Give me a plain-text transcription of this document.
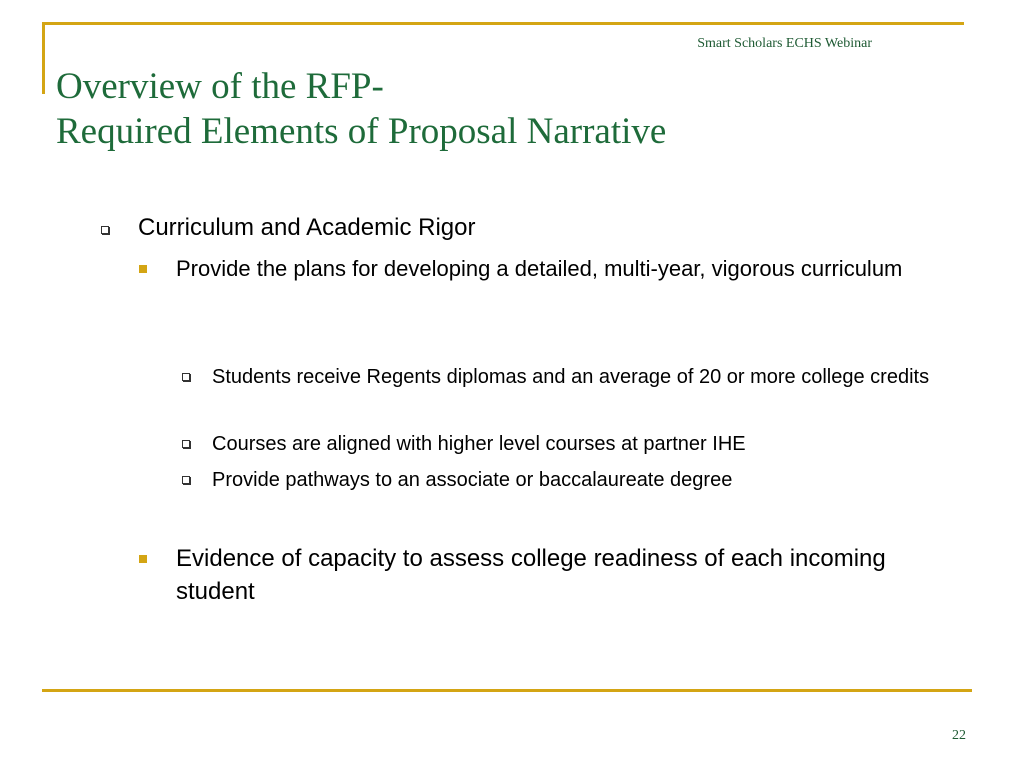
Smart Scholars ECHS Webinar
Overview of the RFP-
Required Elements of Proposal Narrative
Curriculum and Academic Rigor
Provide the plans for developing a detailed, multi-year, vigorous curriculum
Students receive Regents diplomas and an average of 20 or more college credits
Courses are aligned with higher level courses at partner IHE
Provide pathways to an associate or baccalaureate degree
Evidence of capacity to assess college readiness of each incoming student
22
